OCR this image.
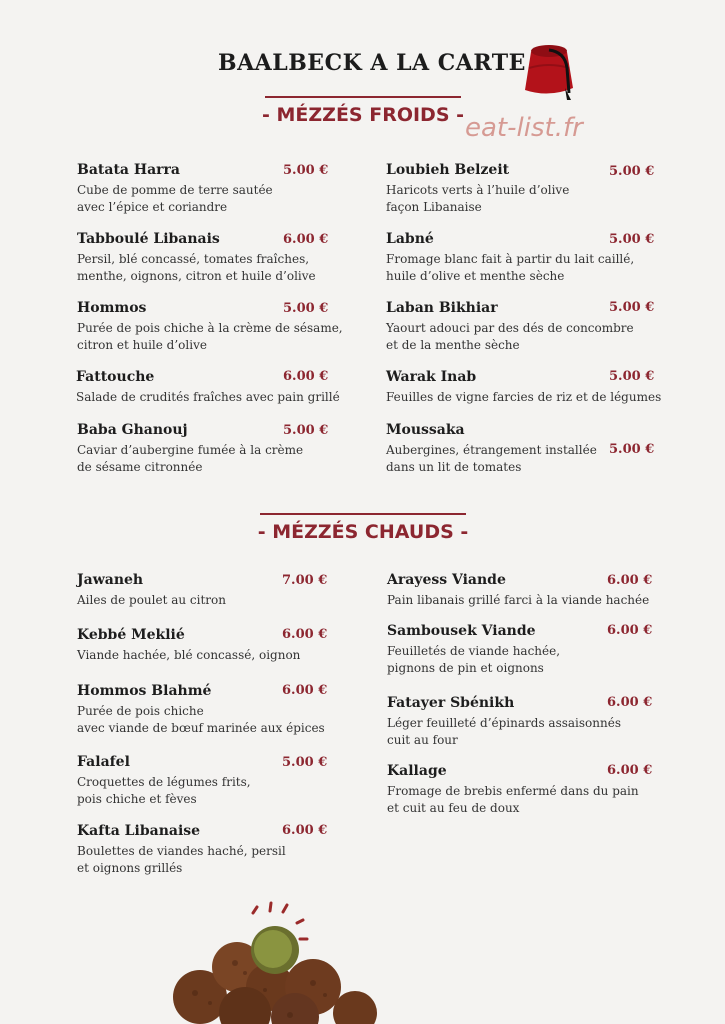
BAALBECK A LA CARTE
eat-list.fr
- MÉZZÉS FROIDS -
Batata Harra
Cube de pomme de terre sautée
avec l’épice et coriandre
5.00 €
Tabboulé Libanais
Persil, blé concassé, tomates fraîches,
menthe, oignons, citron et huile d’olive
6.00 €
Hommos
Purée de pois chiche à la crème de sésame,
citron et huile d’olive
5.00 €
Fattouche
Salade de crudités fraîches avec pain grillé
6.00 €
Baba Ghanouj
Caviar d’aubergine fumée à la crème
de sésame citronnée
5.00 €
Loubieh Belzeit
Haricots verts à l’huile d’olive
façon Libanaise
5.00 €
Labné
Fromage blanc fait à partir du lait caillé,
huile d’olive et menthe sèche
5.00 €
Laban Bikhiar
Yaourt adouci par des dés de concombre
et de la menthe sèche
5.00 €
Warak Inab
Feuilles de vigne farcies de riz et de légumes
5.00 €
Moussaka
Aubergines, étrangement installée
dans un lit de tomates
5.00 €
- MÉZZÉS CHAUDS -
Jawaneh
Ailes de poulet au citron
7.00 €
Kebbé Meklié
Viande hachée, blé concassé, oignon
6.00 €
Hommos Blahmé
Purée de pois chiche
avec viande de bœuf marinée aux épices
6.00 €
Falafel
Croquettes de légumes frits,
pois chiche et fèves
5.00 €
Kafta Libanaise
Boulettes de viandes haché, persil
et oignons grillés
6.00 €
Arayess Viande
Pain libanais grillé farci à la viande hachée
6.00 €
Sambousek Viande
Feuilletés de viande hachée,
pignons de pin et oignons
6.00 €
Fatayer Sbénikh
Léger feuilleté d’épinards assaisonnés
cuit au four
6.00 €
Kallage
Fromage de brebis enfermé dans du pain
et cuit au feu de doux
6.00 €
